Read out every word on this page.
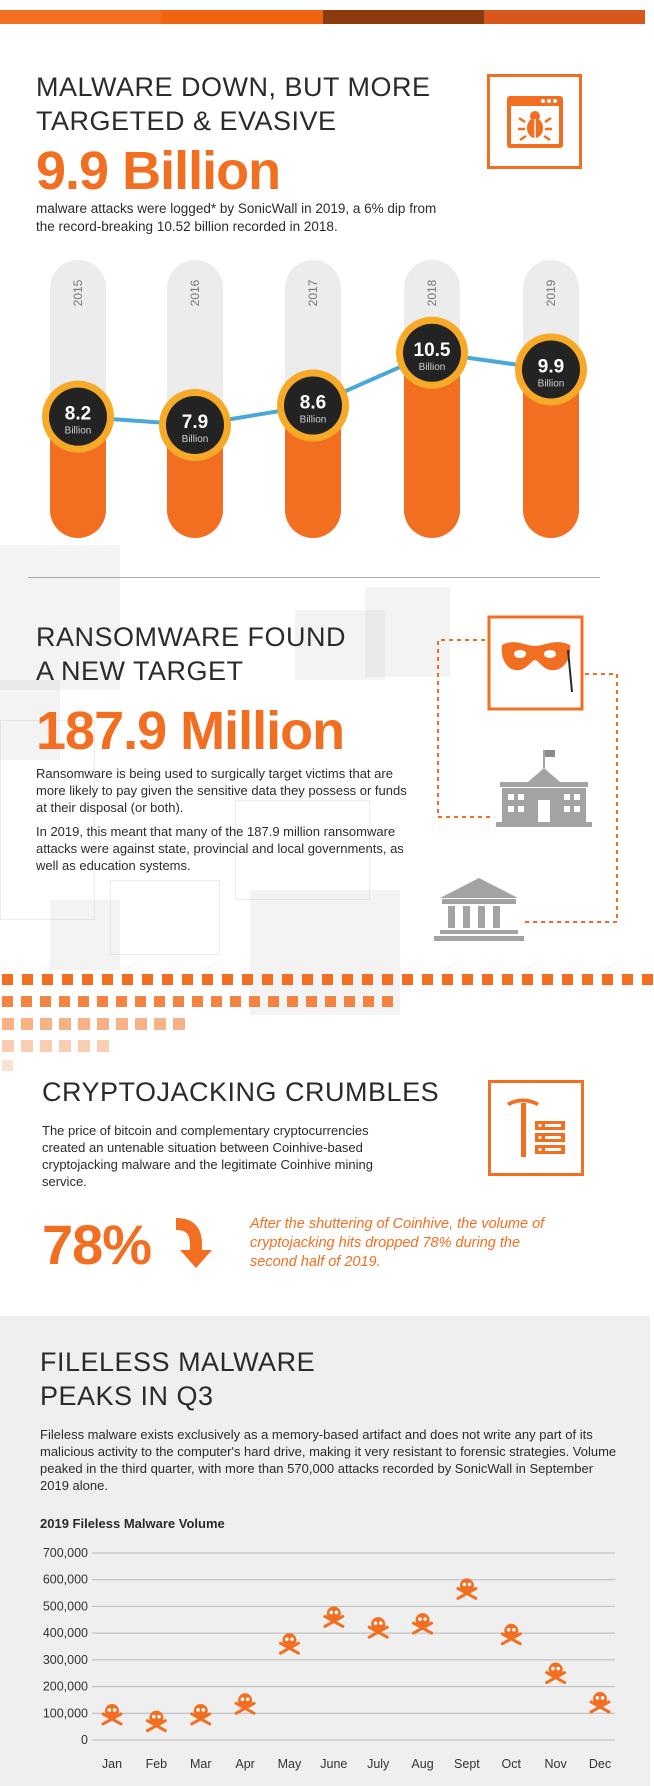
MALWARE DOWN, BUT MORE
TARGETED & EVASIVE
9.9 Billion
malware attacks were logged* by SonicWall in 2019, a 6% dip from the record-breaking 10.52 billion recorded in 2018.
2015	2016	2017	2018	2019
8.2
Billion	7.9
Billion
8.6
Billion
10.5
Billion	9.9
Billion
RANSOMWARE FOUND
A NEW TARGET
187.9 Million
Ransomware is being used to surgically target victims that are more likely to pay given the sensitive data they possess or funds at their disposal (or both).
In 2019, this meant that many of the 187.9 million ransomware attacks were against state, provincial and local governments, as well as education systems.
CRYPTOJACKING CRUMBLES
The price of bitcoin and complementary cryptocurrencies created an untenable situation between Coinhive-based cryptojacking malware and the legitimate Coinhive mining service.
78%	After the shuttering of Coinhive, the volume of cryptojacking hits dropped 78% during the second half of 2019.
FILELESS MALWARE
PEAKS IN Q3
Fileless malware exists exclusively as a memory-based artifact and does not write any part of its malicious activity to the computer's hard drive, making it very resistant to forensic strategies. Volume peaked in the third quarter, with more than 570,000 attacks recorded by SonicWall in September 2019 alone.
2019 Fileless Malware Volume
0
100,000
200,000
300,000
400,000
500,000
600,000
700,000
Jan Feb Mar Apr May June July Aug Sept Oct Nov Dec
